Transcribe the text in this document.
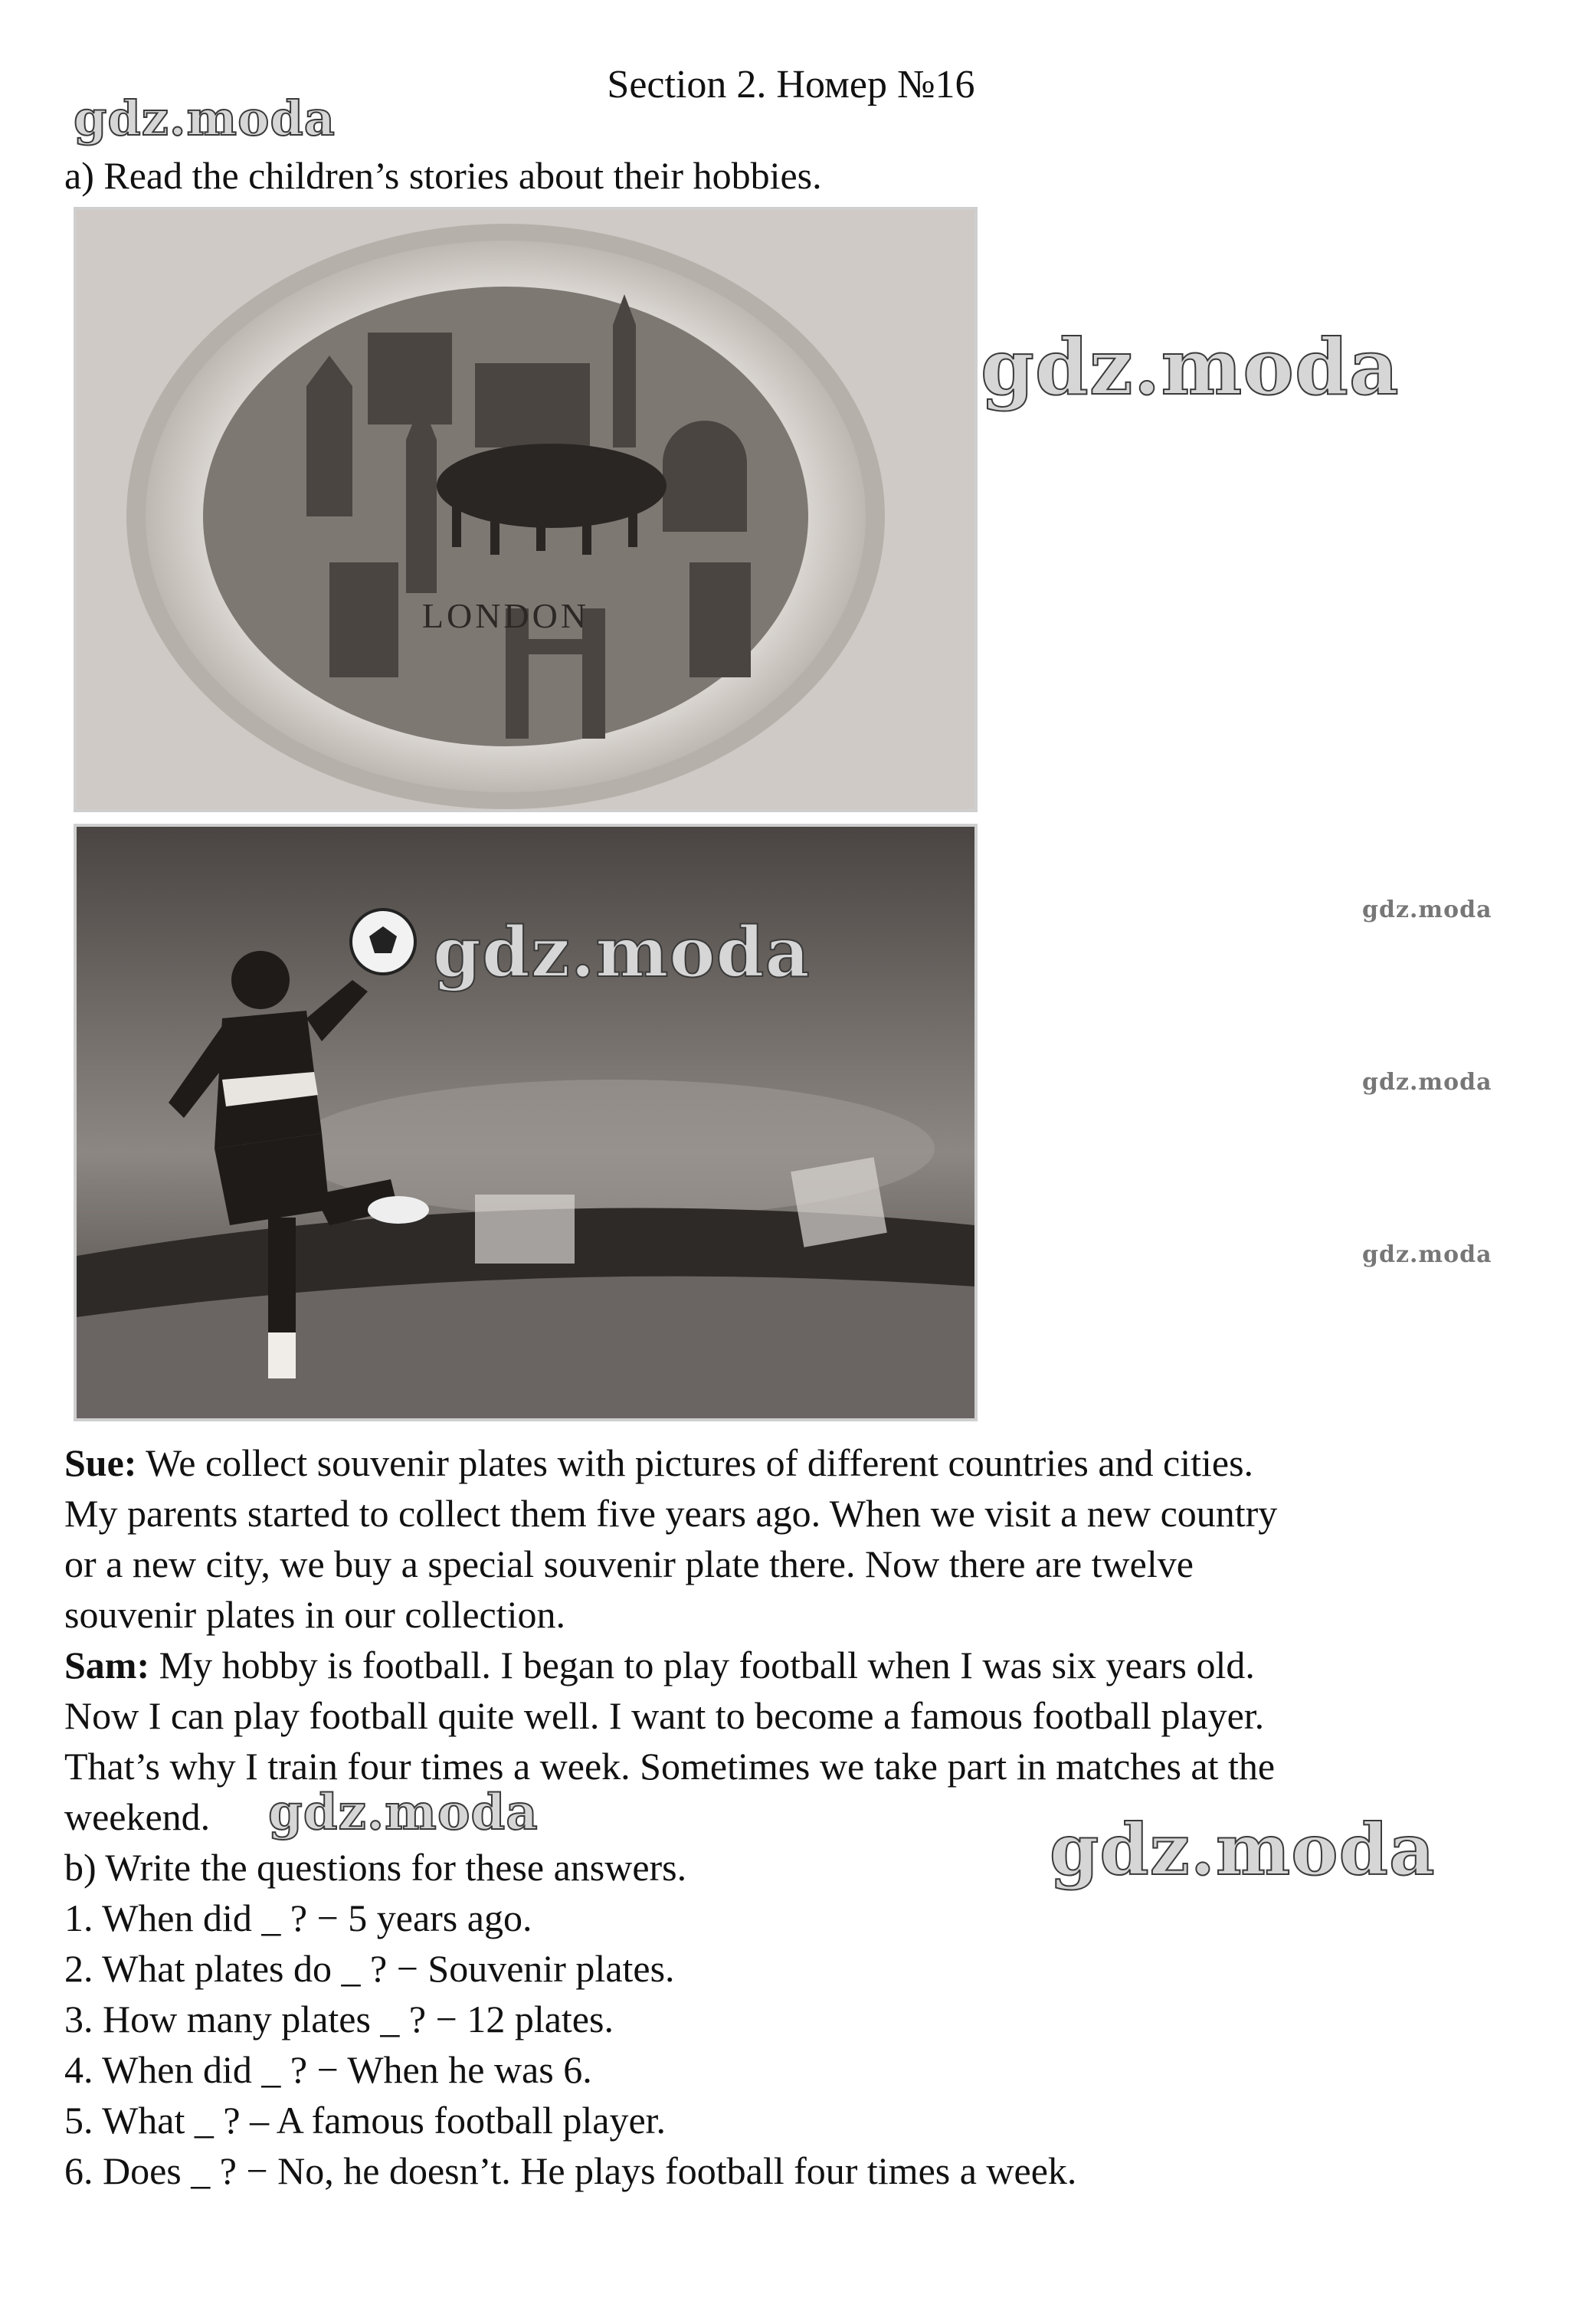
Section 2. Номер №16
gdz.moda
a) Read the children’s stories about their hobbies.
LONDON
gdz.moda
gdz.moda
gdz.moda
gdz.moda
gdz.moda
Sue: We collect souvenir plates with pictures of different countries and cities.
My parents started to collect them five years ago. When we visit a new country
or a new city, we buy a special souvenir plate there. Now there are twelve
souvenir plates in our collection.
Sam: My hobby is football. I began to play football when I was six years old.
Now I can play football quite well. I want to become a famous football player.
That’s why I train four times a week. Sometimes we take part in matches at the
weekend. gdz.moda
b) Write the questions for these answers.	gdz.moda
1. When did _ ? − 5 years ago.
2. What plates do _ ? − Souvenir plates.
3. How many plates _ ? − 12 plates.
4. When did _ ? − When he was 6.
5. What _ ? – A famous football player.
6. Does _ ? − No, he doesn’t. He plays football four times a week.
